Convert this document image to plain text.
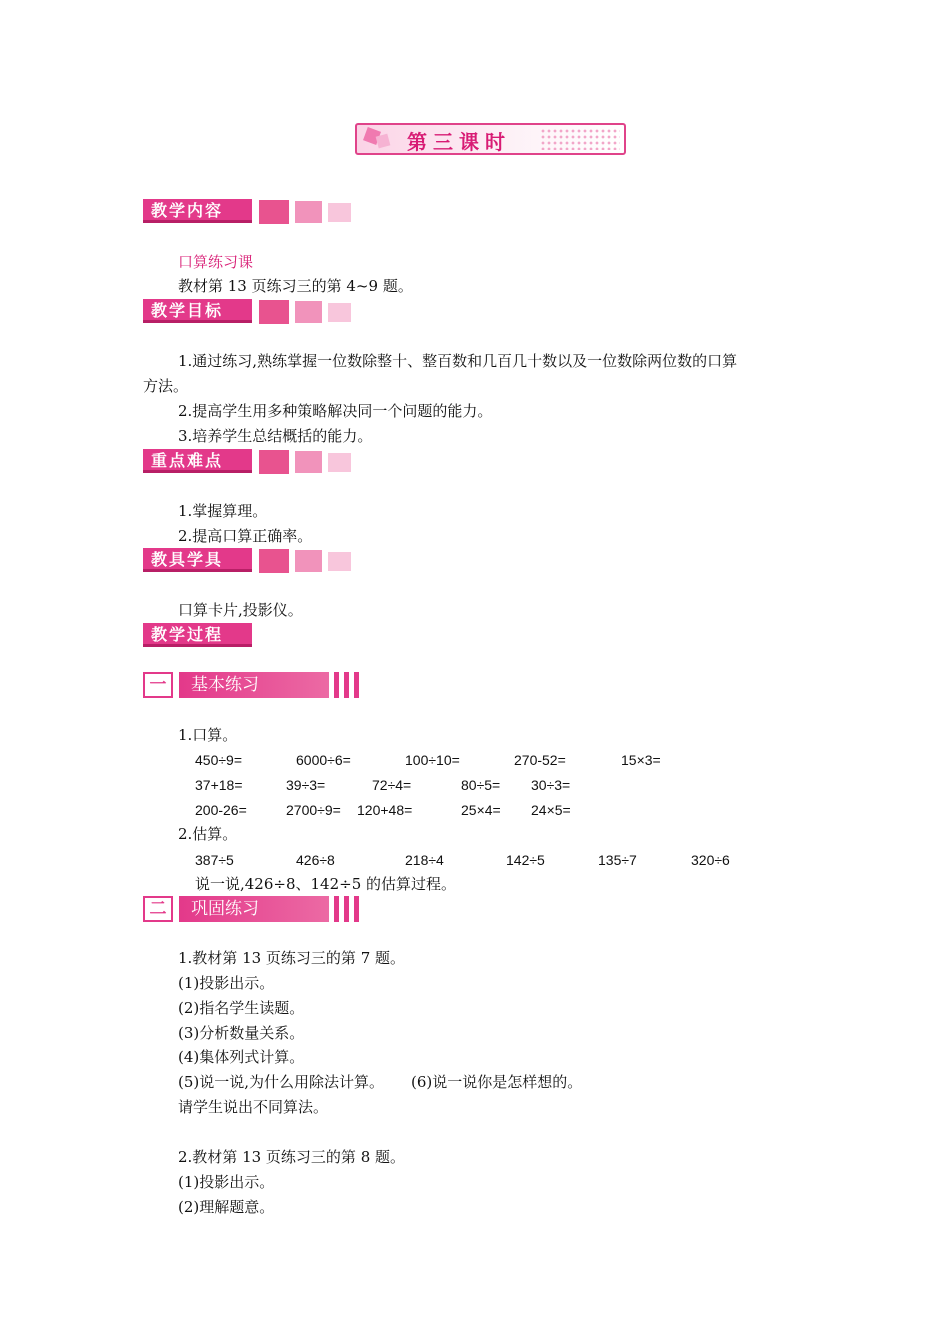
第三课时
教学内容
口算练习课
教材第 13 页练习三的第 4~9 题。
教学目标
1.通过练习,熟练掌握一位数除整十、整百数和几百几十数以及一位数除两位数的口算
方法。
2.提高学生用多种策略解决同一个问题的能力。
3.培养学生总结概括的能力。
重点难点
1.掌握算理。
2.提高口算正确率。
教具学具
口算卡片,投影仪。
教学过程
一	基本练习
1.口算。
450÷9=	6000÷6=	100÷10=	270-52=	15×3=
37+18=	39÷3=	72÷4=	80÷5= 30÷3=
200-26=	2700÷9= 120+48=	25×4= 24×5=
2.估算。
387÷5	426÷8	218÷4	142÷5	135÷7	320÷6
说一说,426÷8、142÷5 的估算过程。
二	巩固练习
1.教材第 13 页练习三的第 7 题。
(1)投影出示。
(2)指名学生读题。
(3)分析数量关系。
(4)集体列式计算。
(5)说一说,为什么用除法计算。 (6)说一说你是怎样想的。
请学生说出不同算法。
2.教材第 13 页练习三的第 8 题。
(1)投影出示。
(2)理解题意。
